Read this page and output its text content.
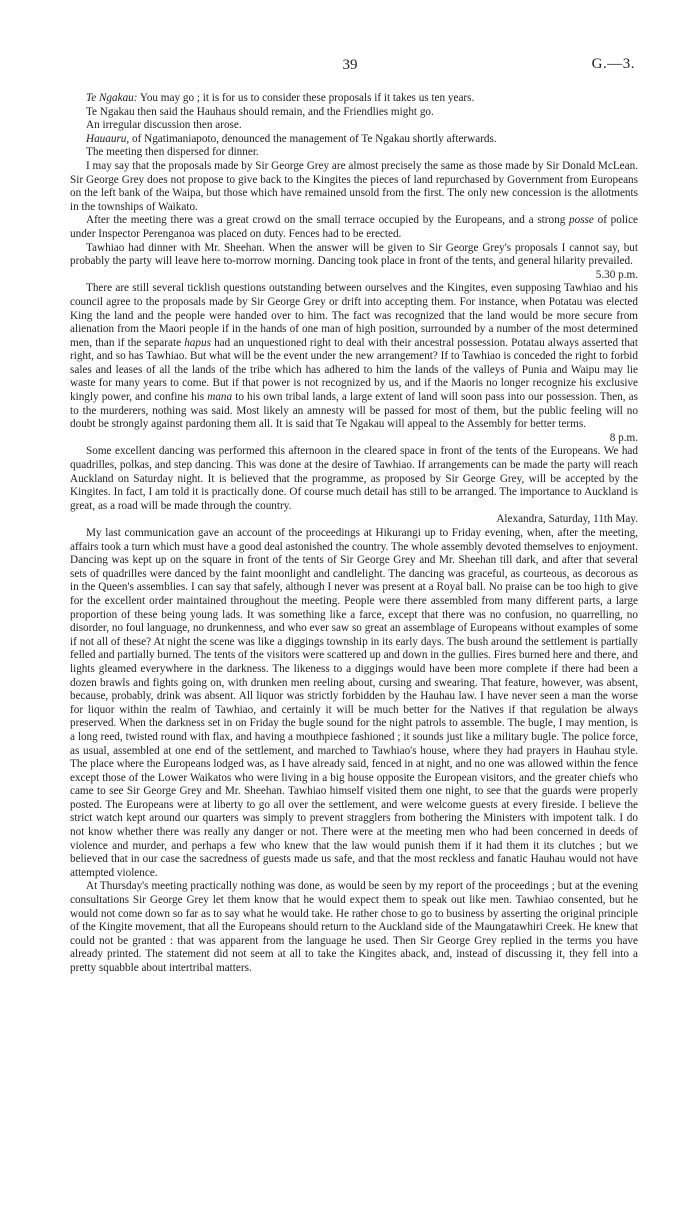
39	G.—3.

Te Ngakau: You may go ; it is for us to consider these proposals if it takes us ten years.

Te Ngakau then said the Hauhaus should remain, and the Friendlies might go.

An irregular discussion then arose.

Hauauru, of Ngatimaniapoto, denounced the management of Te Ngakau shortly afterwards.

The meeting then dispersed for dinner.

I may say that the proposals made by Sir George Grey are almost precisely the same as those made by Sir Donald McLean. Sir George Grey does not propose to give back to the Kingites the pieces of land repurchased by Government from Europeans on the left bank of the Waipa, but those which have remained unsold from the first. The only new concession is the allotments in the townships of Waikato.

After the meeting there was a great crowd on the small terrace occupied by the Europeans, and a strong posse of police under Inspector Perenganoa was placed on duty. Fences had to be erected.

Tawhiao had dinner with Mr. Sheehan. When the answer will be given to Sir George Grey's proposals I cannot say, but probably the party will leave here to-morrow morning. Dancing took place in front of the tents, and general hilarity prevailed.
5.30 p.m.

There are still several ticklish questions outstanding between ourselves and the Kingites, even supposing Tawhiao and his council agree to the proposals made by Sir George Grey or drift into accepting them. For instance, when Potatau was elected King the land and the people were handed over to him. The fact was recognized that the land would be more secure from alienation from the Maori people if in the hands of one man of high position, surrounded by a number of the most determined men, than if the separate hapus had an unquestioned right to deal with their ancestral possession. Potatau always asserted that right, and so has Tawhiao. But what will be the event under the new arrangement? If to Tawhiao is conceded the right to forbid sales and leases of all the lands of the tribe which has adhered to him the lands of the valleys of Punia and Waipu may lie waste for many years to come. But if that power is not recognized by us, and if the Maoris no longer recognize his exclusive kingly power, and confine his mana to his own tribal lands, a large extent of land will soon pass into our possession. Then, as to the murderers, nothing was said. Most likely an amnesty will be passed for most of them, but the public feeling will no doubt be strongly against pardoning them all. It is said that Te Ngakau will appeal to the Assembly for better terms.
8 p.m.

Some excellent dancing was performed this afternoon in the cleared space in front of the tents of the Europeans. We had quadrilles, polkas, and step dancing. This was done at the desire of Tawhiao. If arrangements can be made the party will reach Auckland on Saturday night. It is believed that the programme, as proposed by Sir George Grey, will be accepted by the Kingites. In fact, I am told it is practically done. Of course much detail has still to be arranged. The importance to Auckland is great, as a road will be made through the country.
Alexandra, Saturday, 11th May.

My last communication gave an account of the proceedings at Hikurangi up to Friday evening, when, after the meeting, affairs took a turn which must have a good deal astonished the country. The whole assembly devoted themselves to enjoyment. Dancing was kept up on the square in front of the tents of Sir George Grey and Mr. Sheehan till dark, and after that several sets of quadrilles were danced by the faint moonlight and candlelight. The dancing was graceful, as courteous, as decorous as in the Queen's assemblies. I can say that safely, although I never was present at a Royal ball. No praise can be too high to give for the excellent order maintained throughout the meeting. People were there assembled from many different parts, a large proportion of these being young lads. It was something like a farce, except that there was no confusion, no quarrelling, no disorder, no foul language, no drunkenness, and who ever saw so great an assemblage of Europeans without examples of some if not all of these? At night the scene was like a diggings township in its early days. The bush around the settlement is partially felled and partially burned. The tents of the visitors were scattered up and down in the gullies. Fires burned here and there, and lights gleamed everywhere in the darkness. The likeness to a diggings would have been more complete if there had been a dozen brawls and fights going on, with drunken men reeling about, cursing and swearing. That feature, however, was absent, because, probably, drink was absent. All liquor was strictly forbidden by the Hauhau law. I have never seen a man the worse for liquor within the realm of Tawhiao, and certainly it will be much better for the Natives if that regulation be always preserved. When the darkness set in on Friday the bugle sound for the night patrols to assemble. The bugle, I may mention, is a long reed, twisted round with flax, and having a mouthpiece fashioned ; it sounds just like a military bugle. The police force, as usual, assembled at one end of the settlement, and marched to Tawhiao's house, where they had prayers in Hauhau style. The place where the Europeans lodged was, as I have already said, fenced in at night, and no one was allowed within the fence except those of the Lower Waikatos who were living in a big house opposite the European visitors, and the greater chiefs who came to see Sir George Grey and Mr. Sheehan. Tawhiao himself visited them one night, to see that the guards were properly posted. The Europeans were at liberty to go all over the settlement, and were welcome guests at every fireside. I believe the strict watch kept around our quarters was simply to prevent stragglers from bothering the Ministers with impotent talk. I do not know whether there was really any danger or not. There were at the meeting men who had been concerned in deeds of violence and murder, and perhaps a few who knew that the law would punish them if it had them it its clutches ; but we believed that in our case the sacredness of guests made us safe, and that the most reckless and fanatic Hauhau would not have attempted violence.

At Thursday's meeting practically nothing was done, as would be seen by my report of the proceedings ; but at the evening consultations Sir George Grey let them know that he would expect them to speak out like men. Tawhiao consented, but he would not come down so far as to say what he would take. He rather chose to go to business by asserting the original principle of the Kingite movement, that all the Europeans should return to the Auckland side of the Maungatawhiri Creek. He knew that could not be granted : that was apparent from the language he used. Then Sir George Grey replied in the terms you have already printed. The statement did not seem at all to take the Kingites aback, and, instead of discussing it, they fell into a pretty squabble about intertribal matters.
